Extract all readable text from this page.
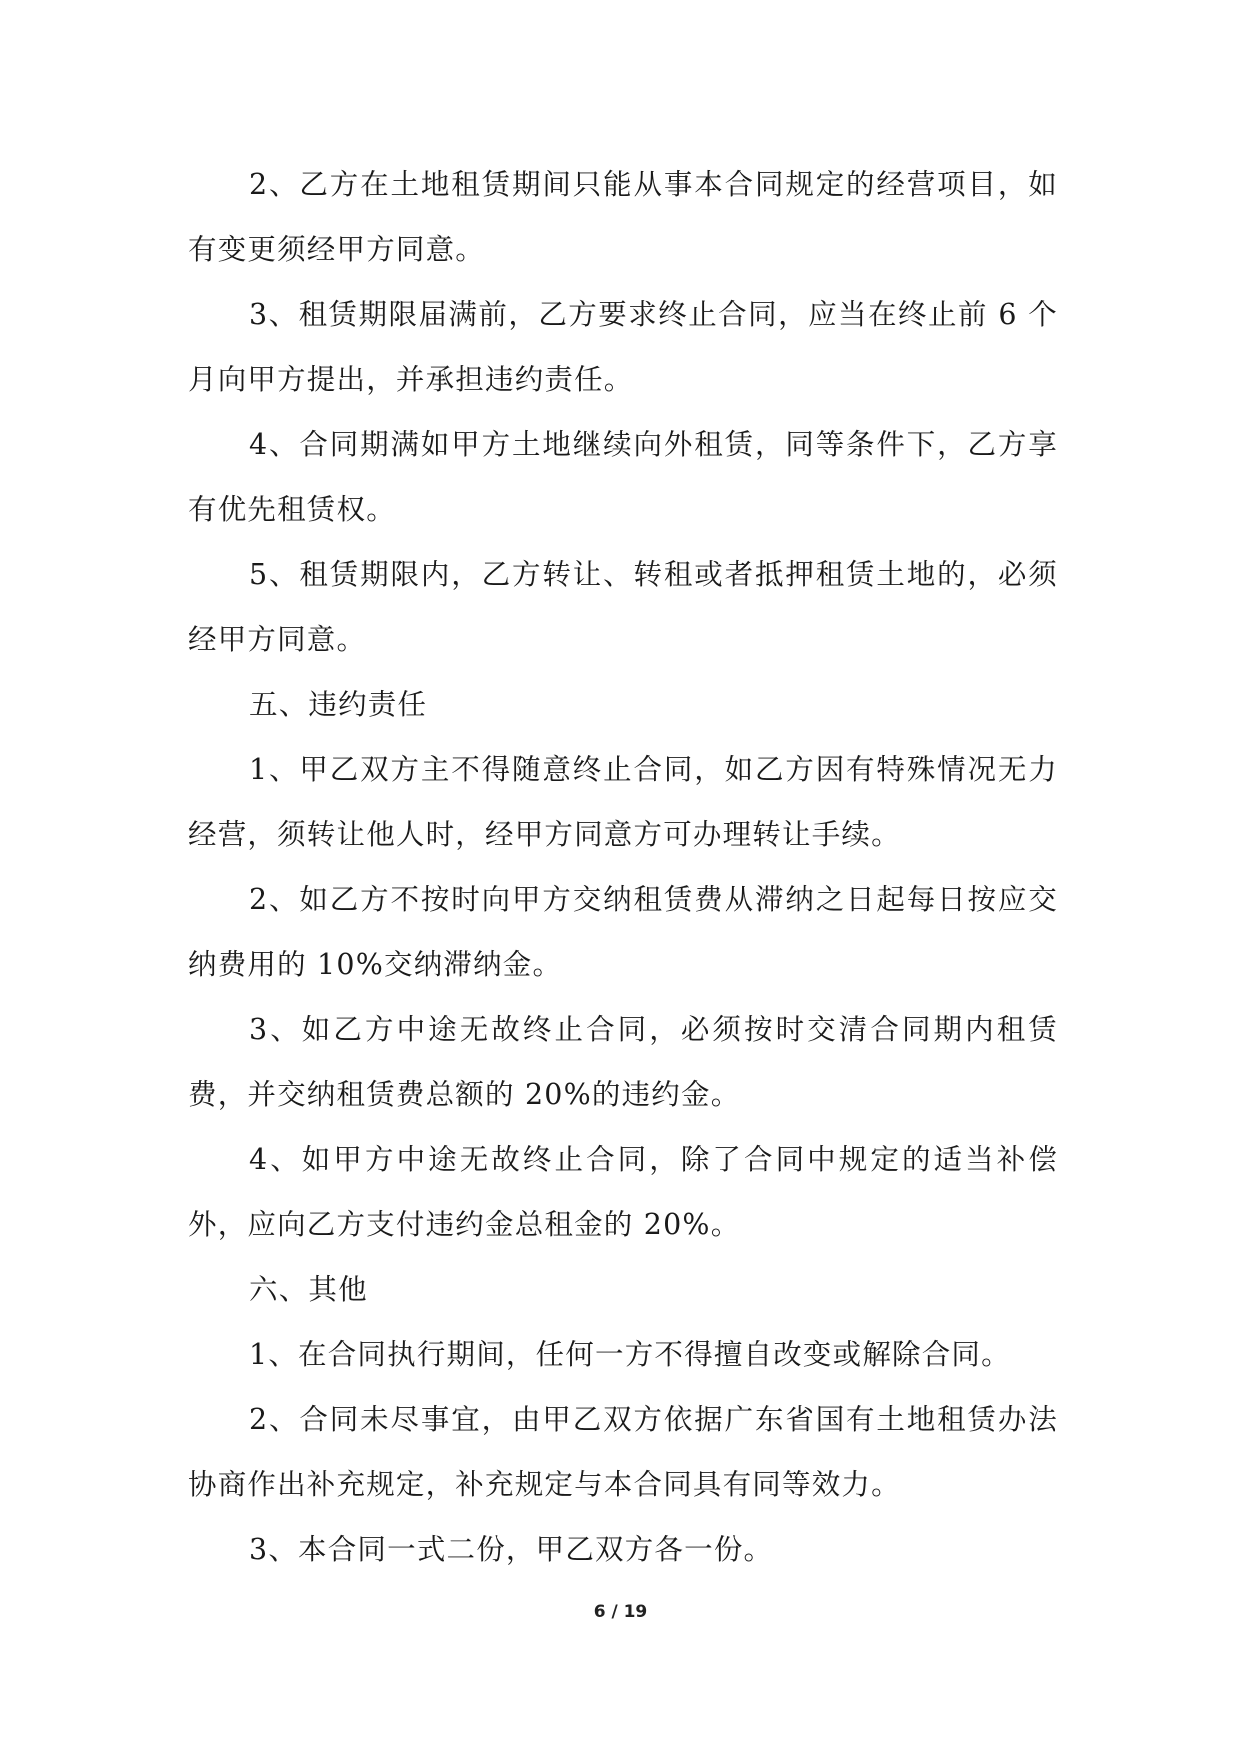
2、乙方在土地租赁期间只能从事本合同规定的经营项目，如有变更须经甲方同意。

3、租赁期限届满前，乙方要求终止合同，应当在终止前 6 个月向甲方提出，并承担违约责任。

4、合同期满如甲方土地继续向外租赁，同等条件下，乙方享有优先租赁权。

5、租赁期限内，乙方转让、转租或者抵押租赁土地的，必须经甲方同意。

五、违约责任

1、甲乙双方主不得随意终止合同，如乙方因有特殊情况无力经营，须转让他人时，经甲方同意方可办理转让手续。

2、如乙方不按时向甲方交纳租赁费从滞纳之日起每日按应交纳费用的 10%交纳滞纳金。

3、如乙方中途无故终止合同，必须按时交清合同期内租赁费，并交纳租赁费总额的 20%的违约金。

4、如甲方中途无故终止合同，除了合同中规定的适当补偿外，应向乙方支付违约金总租金的 20%。

六、其他

1、在合同执行期间，任何一方不得擅自改变或解除合同。

2、合同未尽事宜，由甲乙双方依据广东省国有土地租赁办法协商作出补充规定，补充规定与本合同具有同等效力。

3、本合同一式二份，甲乙双方各一份。

6 / 19
